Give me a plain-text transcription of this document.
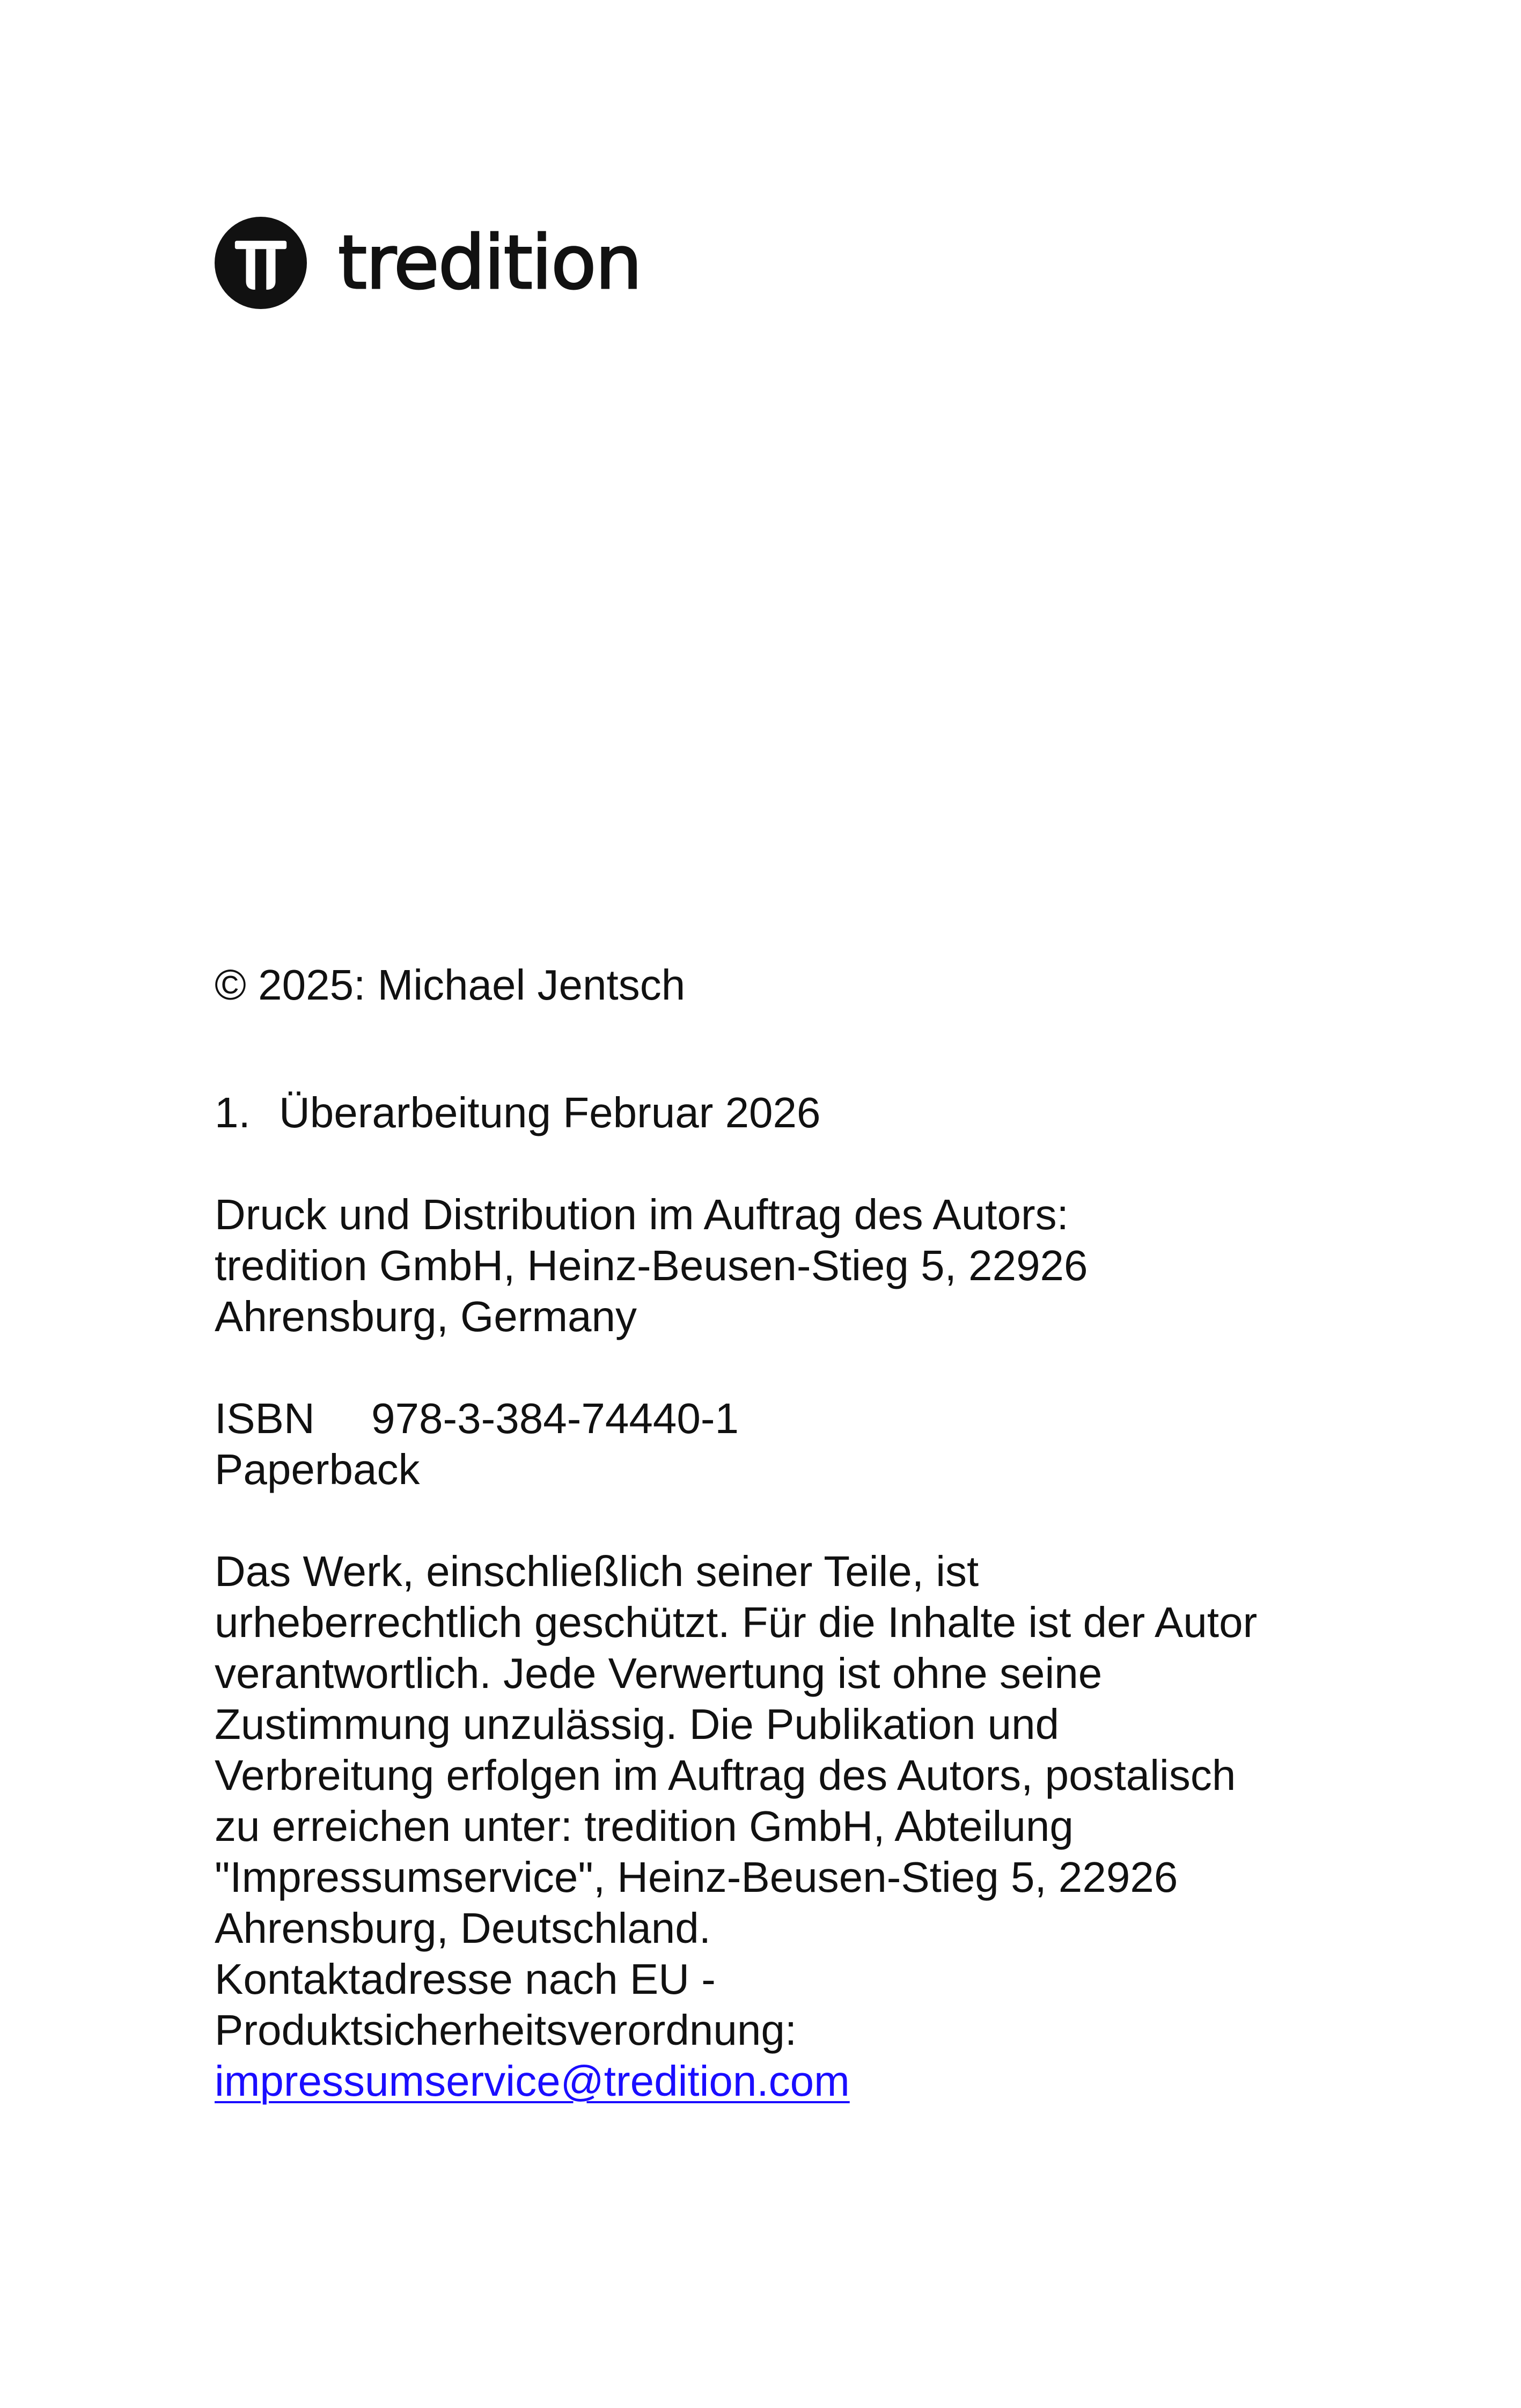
tredition
© 2025: Michael Jentsch
1. Überarbeitung Februar 2026
Druck und Distribution im Auftrag des Autors:
tredition GmbH, Heinz-Beusen-Stieg 5, 22926
Ahrensburg, Germany
ISBN 978-3-384-74440-1
Paperback
Das Werk, einschließlich seiner Teile, ist
urheberrechtlich geschützt. Für die Inhalte ist der Autor
verantwortlich. Jede Verwertung ist ohne seine
Zustimmung unzulässig. Die Publikation und
Verbreitung erfolgen im Auftrag des Autors, postalisch
zu erreichen unter: tredition GmbH, Abteilung
"Impressumservice", Heinz-Beusen-Stieg 5, 22926
Ahrensburg, Deutschland.
Kontaktadresse nach EU -
Produktsicherheitsverordnung:
impressumservice@tredition.com
